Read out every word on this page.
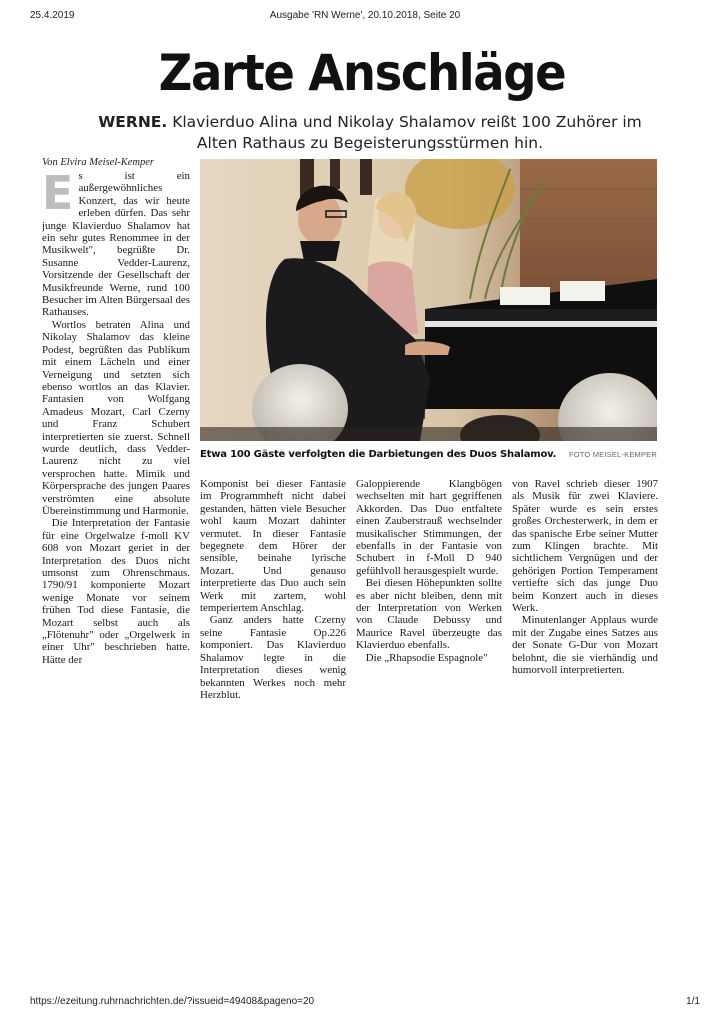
25.4.2019	Ausgabe 'RN Werne', 20.10.2018, Seite 20
Zarte Anschläge
WERNE. Klavierduo Alina und Nikolay Shalamov reißt 100 Zuhörer im Alten Rathaus zu Begeisterungsstürmen hin.
Von Elvira Meisel-Kemper

Es ist ein außergewöhnliches Konzert, das wir heute erleben dürfen. Das sehr junge Klavierduo Shalamov hat ein sehr gutes Renommee in der Musikwelt", begrüßte Dr. Susanne Vedder-Laurenz, Vorsitzende der Gesellschaft der Musikfreunde Werne, rund 100 Besucher im Alten Bürgersaal des Rathauses.

Wortlos betraten Alina und Nikolay Shalamov das kleine Podest, begrüßten das Publikum mit einem Lächeln und einer Verneigung und setzten sich ebenso wortlos an das Klavier. Fantasien von Wolfgang Amadeus Mozart, Carl Czerny und Franz Schubert interpretierten sie zuerst. Schnell wurde deutlich, dass Vedder-Laurenz nicht zu viel versprochen hatte. Mimik und Körpersprache des jungen Paares verströmten eine absolute Übereinstimmung und Harmonie.

Die Interpretation der Fantasie für eine Orgelwalze f-moll KV 608 von Mozart geriet in der Interpretation des Duos nicht umsonst zum Ohrenschmaus. 1790/91 komponierte Mozart wenige Monate vor seinem frühen Tod diese Fantasie, die Mozart selbst auch als „Flötenuhr" oder „Orgelwerk in einer Uhr" beschrieben hatte. Hätte der

Etwa 100 Gäste verfolgten die Darbietungen des Duos Shalamov. FOTO MEISEL-KEMPER

Komponist bei dieser Fantasie im Programmheft nicht dabei gestanden, hätten viele Besucher wohl kaum Mozart dahinter vermutet. In dieser Fantasie begegnete dem Hörer der sensible, beinahe lyrische Mozart. Und genauso interpretierte das Duo auch sein Werk mit zartem, wohl temperiertem Anschlag.

Ganz anders hatte Czerny seine Fantasie Op.226 komponiert. Das Klavierduo Shalamov legte in die Interpretation dieses wenig bekannten Werkes noch mehr Herzblut.

Galoppierende Klangbögen wechselten mit hart gegriffenen Akkorden. Das Duo entfaltete einen Zauberstrauß wechselnder musikalischer Stimmungen, der ebenfalls in der Fantasie von Schubert in f-Moll D 940 gefühlvoll herausgespielt wurde.

Bei diesen Höhepunkten sollte es aber nicht bleiben, denn mit der Interpretation von Werken von Claude Debussy und Maurice Ravel überzeugte das Klavierduo ebenfalls.

Die „Rhapsodie Espagnole"

von Ravel schrieb dieser 1907 als Musik für zwei Klaviere. Später wurde es sein erstes großes Orchesterwerk, in dem er das spanische Erbe seiner Mutter zum Klingen brachte. Mit sichtlichem Vergnügen und der gehörigen Portion Temperament vertiefte sich das junge Duo beim Konzert auch in dieses Werk.

Minutenlanger Applaus wurde mit der Zugabe eines Satzes aus der Sonate G-Dur von Mozart belohnt, die sie vierhändig und humorvoll interpretierten.

https://ezeitung.ruhrnachrichten.de/?issueid=49408&pageno=20	1/1
